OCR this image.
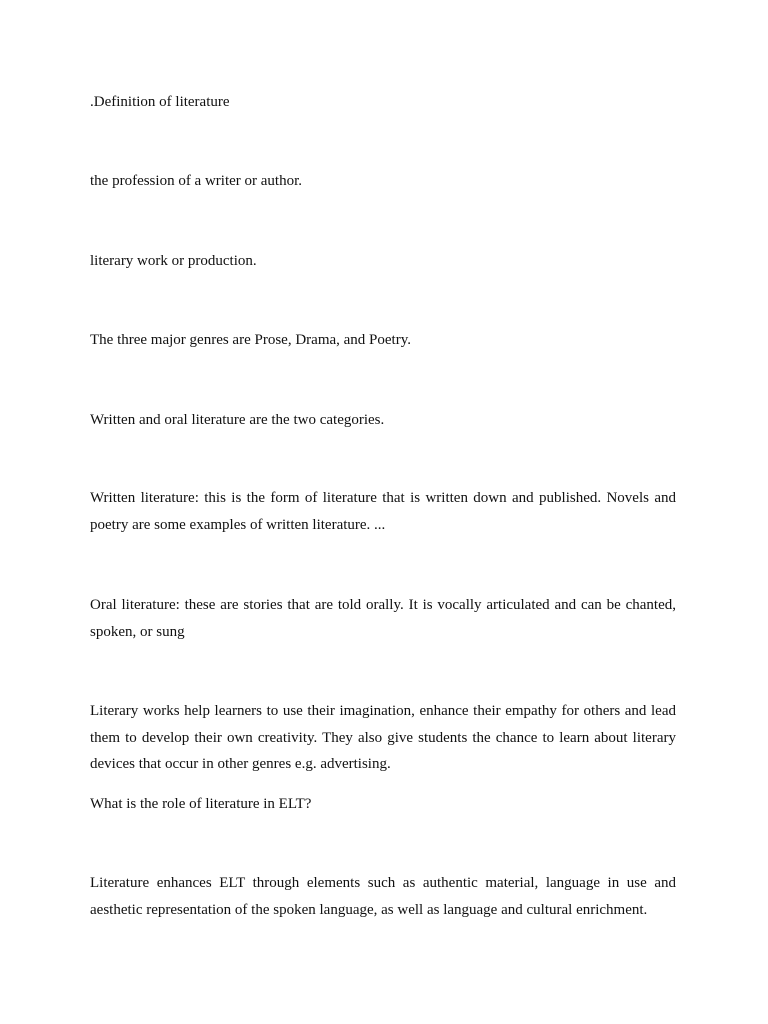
.Definition of literature

the profession of a writer or author.

literary work or production.

The three major genres are Prose, Drama, and Poetry.

Written and oral literature are the two categories.

Written literature: this is the form of literature that is written down and published. Novels and poetry are some examples of written literature. ...

Oral literature: these are stories that are told orally. It is vocally articulated and can be chanted, spoken, or sung

Literary works help learners to use their imagination, enhance their empathy for others and lead them to develop their own creativity. They also give students the chance to learn about literary devices that occur in other genres e.g. advertising.

What is the role of literature in ELT?

Literature enhances ELT through elements such as authentic material, language in use and aesthetic representation of the spoken language, as well as language and cultural enrichment.
